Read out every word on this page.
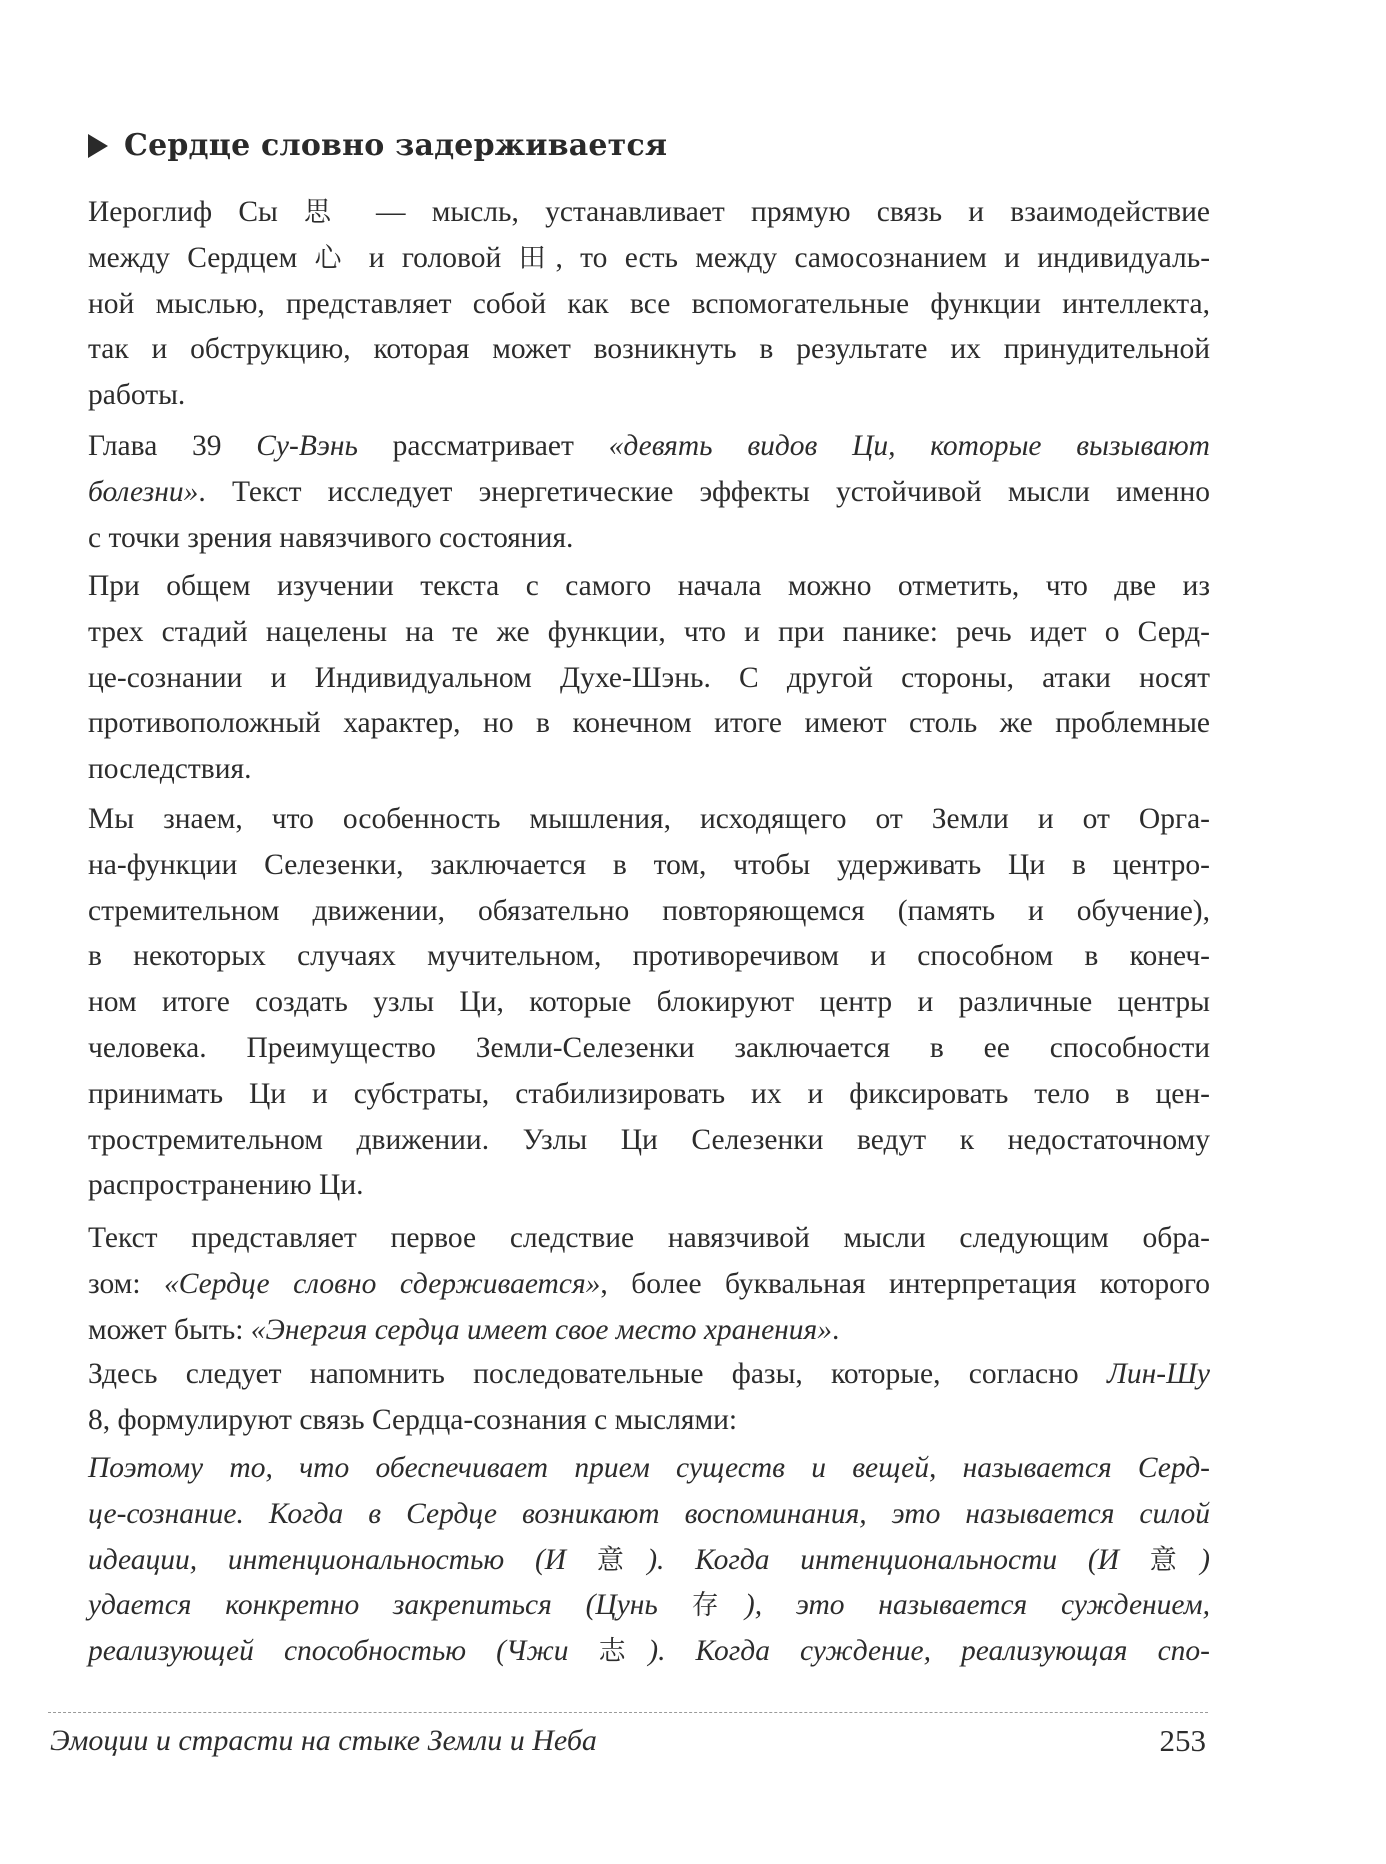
Сердце словно задерживается
Иероглиф Сы 思 — мысль, устанавливает прямую связь и взаимодействие
между Сердцем 心 и головой 田, то есть между самосознанием и индивидуаль-
ной мыслью, представляет собой как все вспомогательные функции интеллекта,
так и обструкцию, которая может возникнуть в результате их принудительной
работы.
Глава 39 Су-Вэнь рассматривает «девять видов Ци, которые вызывают
болезни». Текст исследует энергетические эффекты устойчивой мысли именно
с точки зрения навязчивого состояния.
При общем изучении текста с самого начала можно отметить, что две из
трех стадий нацелены на те же функции, что и при панике: речь идет о Серд-
це-сознании и Индивидуальном Духе-Шэнь. С другой стороны, атаки носят
противоположный характер, но в конечном итоге имеют столь же проблемные
последствия.
Мы знаем, что особенность мышления, исходящего от Земли и от Орга-
на-функции Селезенки, заключается в том, чтобы удерживать Ци в центро-
стремительном движении, обязательно повторяющемся (память и обучение),
в некоторых случаях мучительном, противоречивом и способном в конеч-
ном итоге создать узлы Ци, которые блокируют центр и различные центры
человека. Преимущество Земли-Селезенки заключается в ее способности
принимать Ци и субстраты, стабилизировать их и фиксировать тело в цен-
тростремительном движении. Узлы Ци Селезенки ведут к недостаточному
распространению Ци.
Текст представляет первое следствие навязчивой мысли следующим обра-
зом: «Сердце словно сдерживается», более буквальная интерпретация которого
может быть: «Энергия сердца имеет свое место хранения».
Здесь следует напомнить последовательные фазы, которые, согласно Лин-Шу
8, формулируют связь Сердца-сознания с мыслями:
Поэтому то, что обеспечивает прием существ и вещей, называется Серд-
це-сознание. Когда в Сердце возникают воспоминания, это называется силой
идеации, интенциональностью (И 意). Когда интенциональности (И 意)
удается конкретно закрепиться (Цунь 存), это называется суждением,
реализующей способностью (Чжи 志). Когда суждение, реализующая спо-
Эмоции и страсти на стыке Земли и Неба	253
